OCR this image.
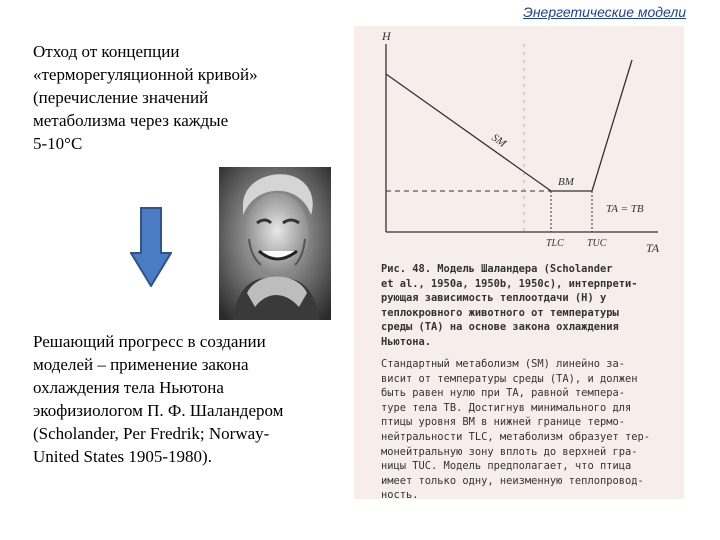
Энергетические модели
Отход от концепции
«терморегуляционной кривой»
(перечисление значений
метаболизма через каждые
5-10°С
Решающий прогресс в создании
моделей – применение закона
охлаждения тела Ньютона
экофизиологом П. Ф. Шаландером
(Scholander, Per Fredrik; Norway-
United States 1905-1980).
H
TA
SM
BM
TA = TB
TLC TUC
Рис. 48. Модель Шаландера (Scholander
et al., 1950a, 1950b, 1950c), интерпрети-
рующая зависимость теплоотдачи (H) у
теплокровного животного от температуры
среды (TA) на основе закона охлаждения
Ньютона.
Стандартный метаболизм (SM) линейно за-
висит от температуры среды (TA), и должен
быть равен нулю при TA, равной темпера-
туре тела TB. Достигнув минимального для
птицы уровня BM в нижней границе термо-
нейтральности TLC, метаболизм образует тер-
монейтральную зону вплоть до верхней гра-
ницы TUC. Модель предполагает, что птица
имеет только одну, неизменную теплопровод-
ность.
